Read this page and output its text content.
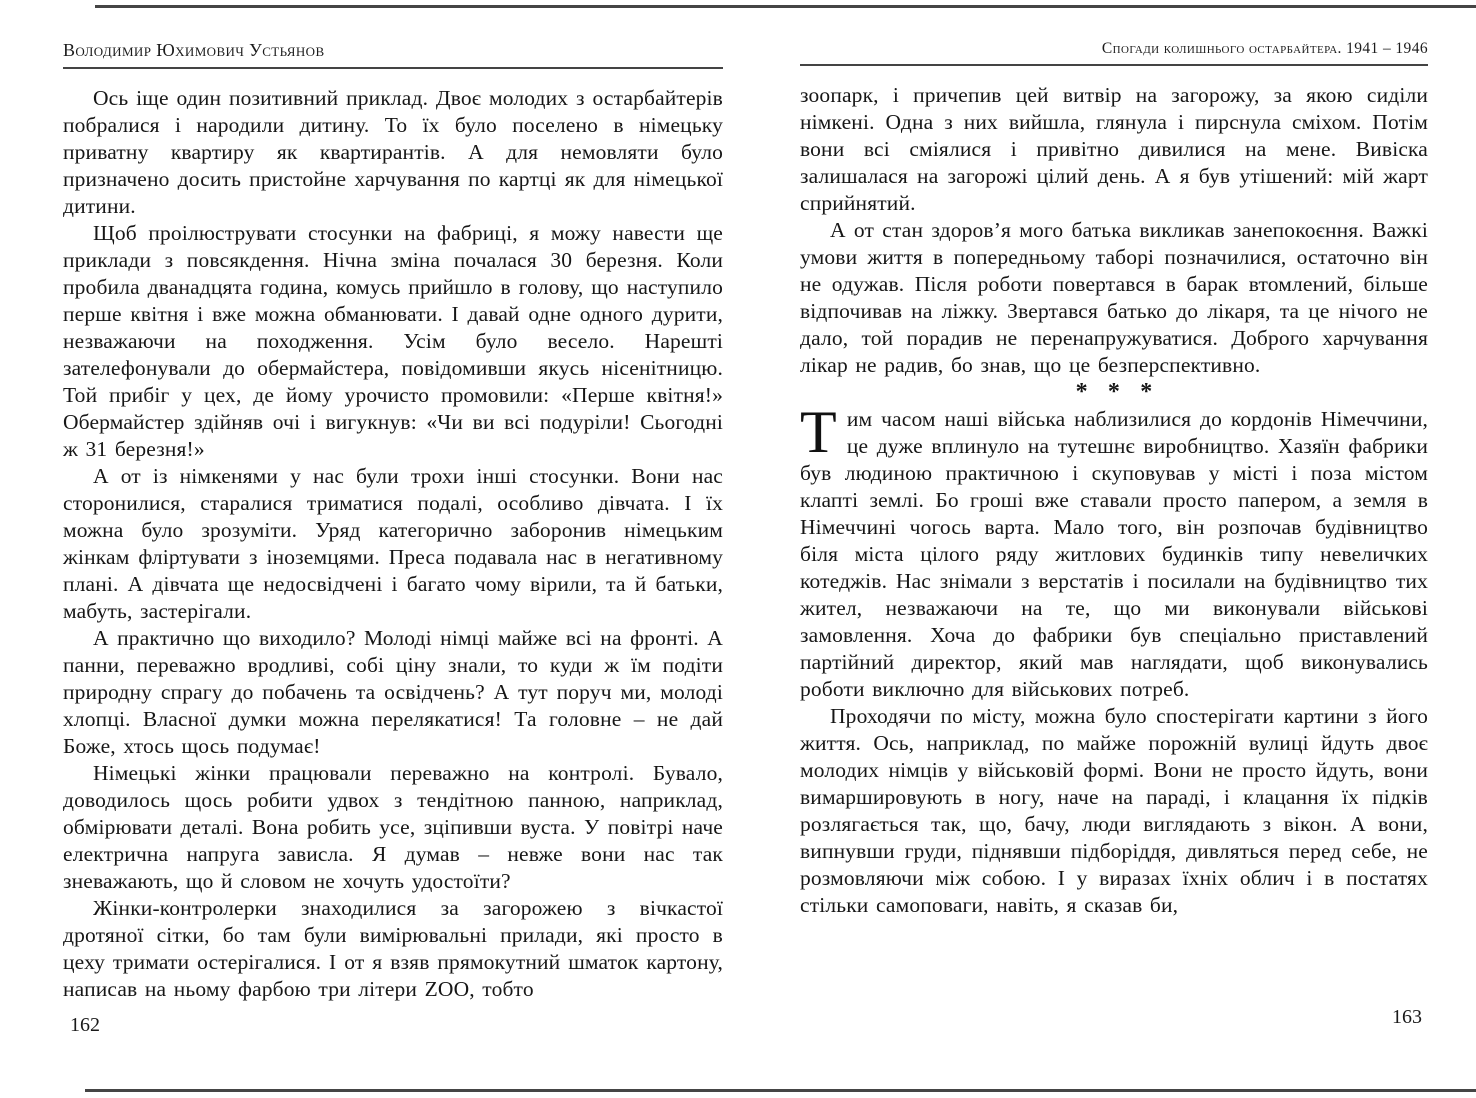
Володимир Юхимович Устьянов

Ось іще один позитивний приклад. Двоє молодих з остарбайтерів побралися і народили дитину. То їх було поселено в німецьку приватну квартиру як квартирантів. А для немовляти було призначено досить пристойне харчування по картці як для німецької дитини.

Щоб проілюструвати стосунки на фабриці, я можу навести ще приклади з повсякдення. Нічна зміна почалася 30 березня. Коли пробила дванадцята година, комусь прийшло в голову, що наступило перше квітня і вже можна обманювати. І давай одне одного дурити, незважаючи на походження. Усім було весело. Нарешті зателефонували до обермайстера, повідомивши якусь нісенітницю. Той прибіг у цех, де йому урочисто промовили: «Перше квітня!» Обермайстер здійняв очі і вигукнув: «Чи ви всі подуріли! Сьогодні ж 31 березня!»

А от із німкенями у нас були трохи інші стосунки. Вони нас сторонилися, старалися триматися подалі, особливо дівчата. І їх можна було зрозуміти. Уряд категорично заборонив німецьким жінкам фліртувати з іноземцями. Преса подавала нас в негативному плані. А дівчата ще недосвідчені і багато чому вірили, та й батьки, мабуть, застерігали.

А практично що виходило? Молоді німці майже всі на фронті. А панни, переважно вродливі, собі ціну знали, то куди ж їм подіти природну спрагу до побачень та освідчень? А тут поруч ми, молоді хлопці. Власної думки можна перелякатися! Та головне – не дай Боже, хтось щось подумає!

Німецькі жінки працювали переважно на контролі. Бувало, доводилось щось робити удвох з тендітною панною, наприклад, обмірювати деталі. Вона робить усе, зціпивши вуста. У повітрі наче електрична напруга зависла. Я думав – невже вони нас так зневажають, що й словом не хочуть удостоїти?

Жінки-контролерки знаходилися за загорожею з вічкастої дротяної сітки, бо там були вимірювальні прилади, які просто в цеху тримати остерігалися. І от я взяв прямокутний шматок картону, написав на ньому фарбою три літери ZOO, тобто

Спогади колишнього остарбайтера. 1941 – 1946

зоопарк, і причепив цей витвір на загорожу, за якою сиділи німкені. Одна з них вийшла, глянула і пирснула сміхом. Потім вони всі сміялися і привітно дивилися на мене. Вивіска залишалася на загорожі цілий день. А я був утішений: мій жарт сприйнятий.

А от стан здоров’я мого батька викликав занепокоєння. Важкі умови життя в попередньому таборі позначилися, остаточно він не одужав. Після роботи повертався в барак втомлений, більше відпочивав на ліжку. Звертався батько до лікаря, та це нічого не дало, той порадив не перенапружуватися. Доброго харчування лікар не радив, бо знав, що це безперспективно.

* * *

Тим часом наші війська наблизилися до кордонів Німеччини, це дуже вплинуло на тутешнє виробництво. Хазяїн фабрики був людиною практичною і скуповував у місті і поза містом клапті землі. Бо гроші вже ставали просто папером, а земля в Німеччині чогось варта. Мало того, він розпочав будівництво біля міста цілого ряду житлових будинків типу невеличких котеджів. Нас знімали з верстатів і посилали на будівництво тих жител, незважаючи на те, що ми виконували військові замовлення. Хоча до фабрики був спеціально приставлений партійний директор, який мав наглядати, щоб виконувались роботи виключно для військових потреб.

Проходячи по місту, можна було спостерігати картини з його життя. Ось, наприклад, по майже порожній вулиці йдуть двоє молодих німців у військовій формі. Вони не просто йдуть, вони вимаршировують в ногу, наче на параді, і клацання їх підків розлягається так, що, бачу, люди виглядають з вікон. А вони, випнувши груди, піднявши підборіддя, дивляться перед себе, не розмовляючи між собою. І у виразах їхніх облич і в постатях стільки самоповаги, навіть, я сказав би,

162	163
